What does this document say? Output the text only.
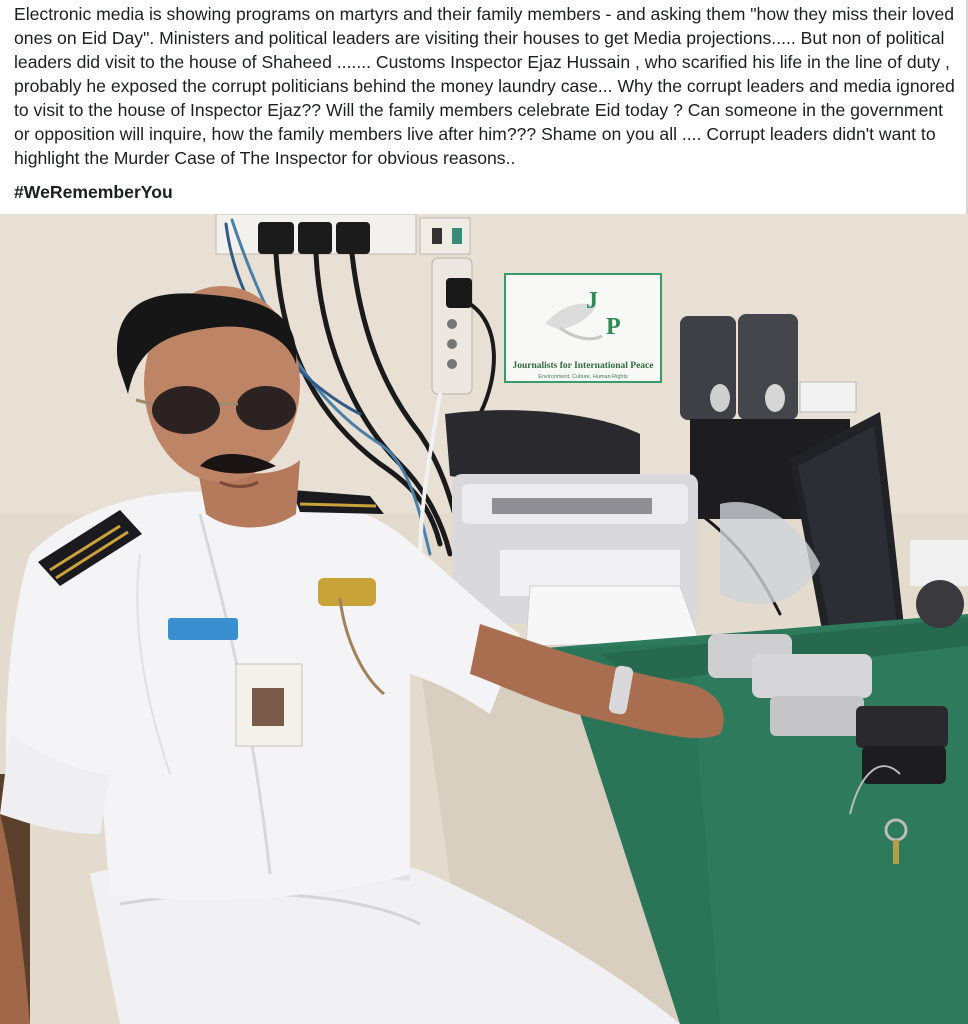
Electronic media is showing programs on martyrs and their family members - and asking them "how they miss their loved ones on Eid Day". Ministers and political leaders are visiting their houses to get Media projections..... But non of political leaders did visit to the house of Shaheed ....... Customs Inspector Ejaz Hussain , who scarified his life in the line of duty , probably he exposed the corrupt politicians behind the money laundry case... Why the corrupt leaders and media ignored to visit to the house of Inspector Ejaz?? Will the family members celebrate Eid today ? Can someone in the government or opposition will inquire, how the family members live after him??? Shame on you all .... Corrupt leaders didn't want to highlight the Murder Case of The Inspector for obvious reasons..

#WeRememberYou

J
P
Journalists for International Peace
Environment, Culture, Human Rights
